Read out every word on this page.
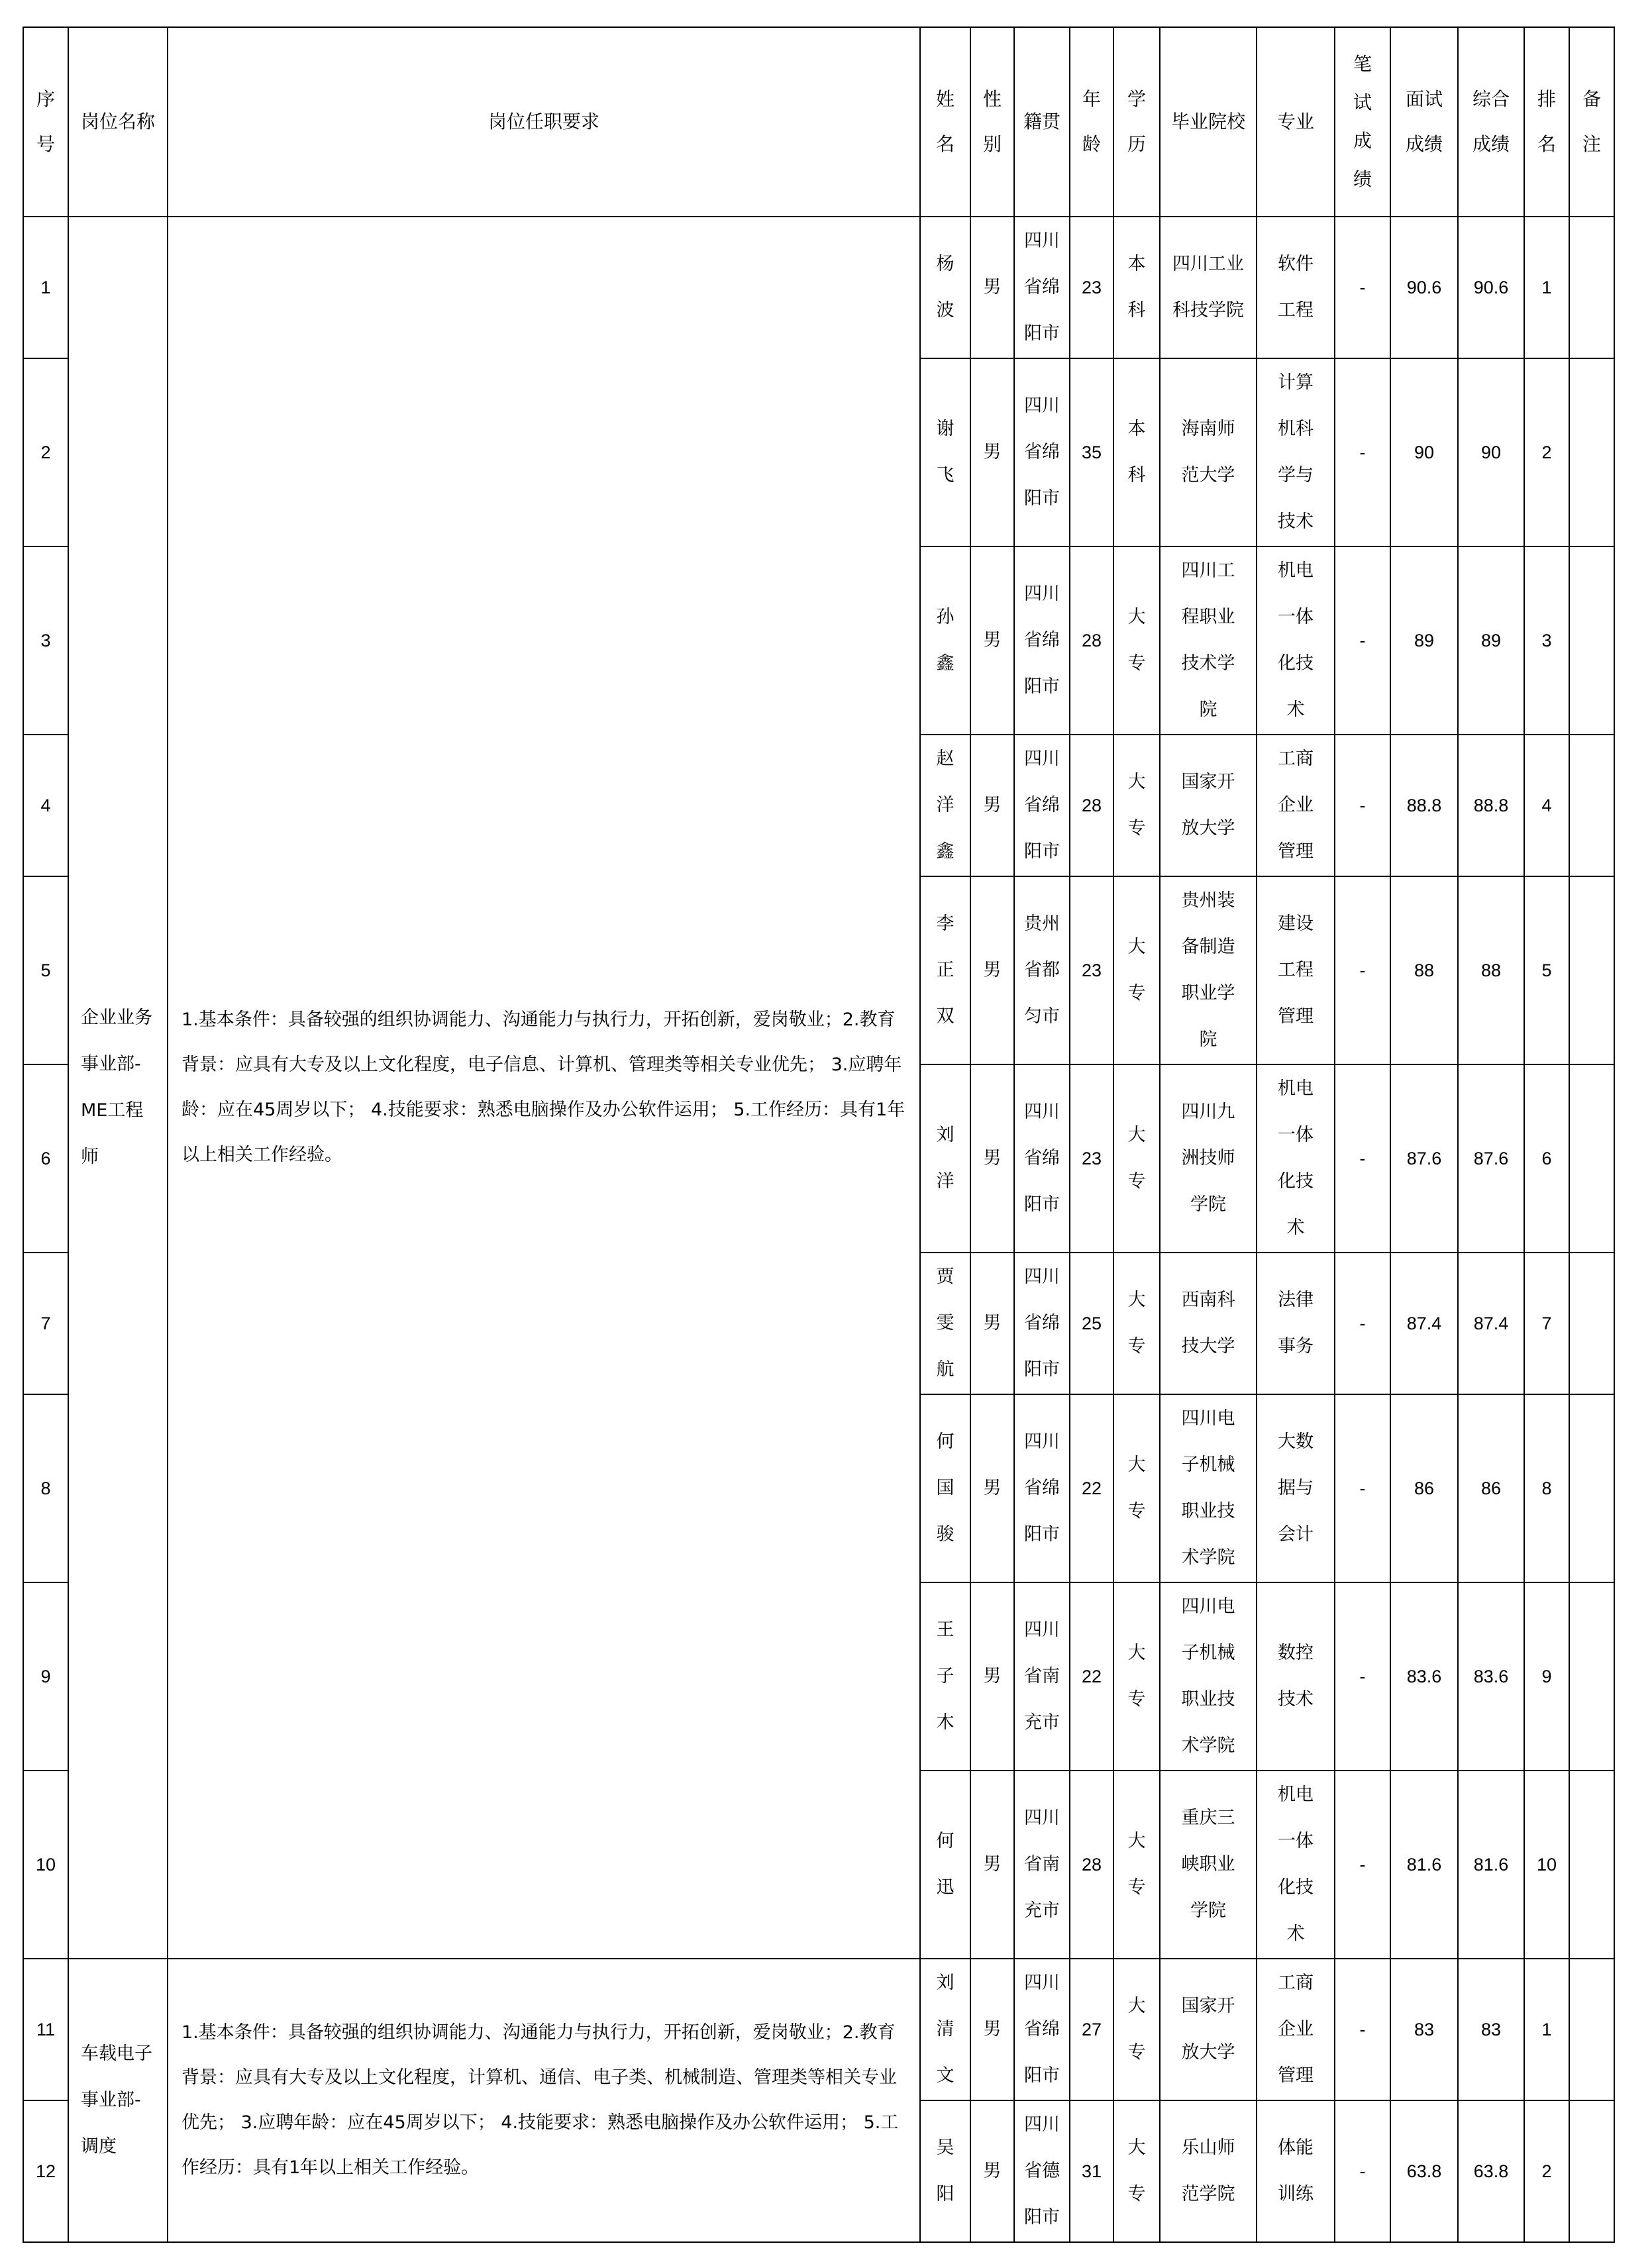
序号	岗位名称	岗位任职要求	姓名	性别	籍贯	年龄	学历	毕业院校	专业	笔试成绩	面试成绩	综合成绩	排名	备注

1	企业业务事业部-ME工程师	1.基本条件：具备较强的组织协调能力、沟通能力与执行力，开拓创新，爱岗敬业；2.教育背景：应具有大专及以上文化程度，电子信息、计算机、管理类等相关专业优先； 3.应聘年龄：应在45周岁以下； 4.技能要求：熟悉电脑操作及办公软件运用； 5.工作经历：具有1年以上相关工作经验。	杨波	男	四川省绵阳市	23	本科	四川工业科技学院	软件工程	-	90.6	90.6	1	
2			谢飞	男	四川省绵阳市	35	本科	海南师范大学	计算机科学与技术	-	90	90	2	
3			孙鑫	男	四川省绵阳市	28	大专	四川工程职业技术学院	机电一体化技术	-	89	89	3	
4			赵洋鑫	男	四川省绵阳市	28	大专	国家开放大学	工商企业管理	-	88.8	88.8	4	
5			李正双	男	贵州省都匀市	23	大专	贵州装备制造职业学院	建设工程管理	-	88	88	5	
6			刘洋	男	四川省绵阳市	23	大专	四川九洲技师学院	机电一体化技术	-	87.6	87.6	6	
7			贾雯航	男	四川省绵阳市	25	大专	西南科技大学	法律事务	-	87.4	87.4	7	
8			何国骏	男	四川省绵阳市	22	大专	四川电子机械职业技术学院	大数据与会计	-	86	86	8	
9			王子木	男	四川省南充市	22	大专	四川电子机械职业技术学院	数控技术	-	83.6	83.6	9	
10			何迅	男	四川省南充市	28	大专	重庆三峡职业学院	机电一体化技术	-	81.6	81.6	10	
11	车载电子事业部-调度	1.基本条件：具备较强的组织协调能力、沟通能力与执行力，开拓创新，爱岗敬业；2.教育背景：应具有大专及以上文化程度，计算机、通信、电子类、机械制造、管理类等相关专业优先； 3.应聘年龄：应在45周岁以下； 4.技能要求：熟悉电脑操作及办公软件运用； 5.工作经历：具有1年以上相关工作经验。	刘清文	男	四川省绵阳市	27	大专	国家开放大学	工商企业管理	-	83	83	1	
12			吴阳	男	四川省德阳市	31	大专	乐山师范学院	体能训练	-	63.8	63.8	2	
